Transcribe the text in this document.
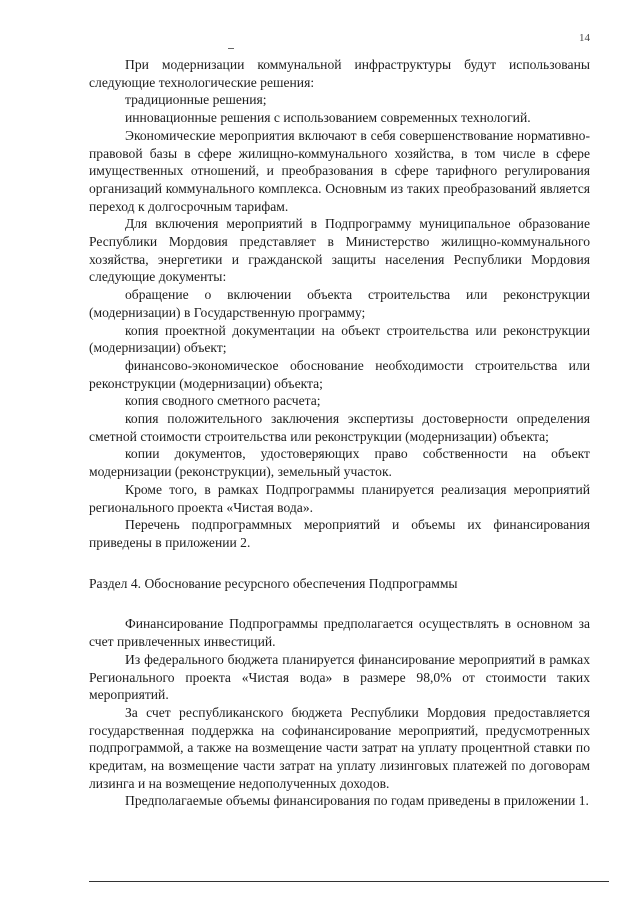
14

При модернизации коммунальной инфраструктуры будут использованы следующие технологические решения:

традиционные решения;

инновационные решения с использованием современных технологий.

Экономические мероприятия включают в себя совершенствование нормативно-правовой базы в сфере жилищно-коммунального хозяйства, в том числе в сфере имущественных отношений, и преобразования в сфере тарифного регулирования организаций коммунального комплекса. Основным из таких преобразований является переход к долгосрочным тарифам.

Для включения мероприятий в Подпрограмму муниципальное образование Республики Мордовия представляет в Министерство жилищно-коммунального хозяйства, энергетики и гражданской защиты населения Республики Мордовия следующие документы:

обращение о включении объекта строительства или реконструкции (модернизации) в Государственную программу;

копия проектной документации на объект строительства или реконструкции (модернизации) объект;

финансово-экономическое обоснование необходимости строительства или реконструкции (модернизации) объекта;

копия сводного сметного расчета;

копия положительного заключения экспертизы достоверности определения сметной стоимости строительства или реконструкции (модернизации) объекта;

копии документов, удостоверяющих право собственности на объект модернизации (реконструкции), земельный участок.

Кроме того, в рамках Подпрограммы планируется реализация мероприятий регионального проекта «Чистая вода».

Перечень подпрограммных мероприятий и объемы их финансирования приведены в приложении 2.

Раздел 4. Обоснование ресурсного обеспечения Подпрограммы

Финансирование Подпрограммы предполагается осуществлять в основном за счет привлеченных инвестиций.

Из федерального бюджета планируется финансирование мероприятий в рамках Регионального проекта «Чистая вода» в размере 98,0% от стоимости таких мероприятий.

За счет республиканского бюджета Республики Мордовия предоставляется государственная поддержка на софинансирование мероприятий, предусмотренных подпрограммой, а также на возмещение части затрат на уплату процентной ставки по кредитам, на возмещение части затрат на уплату лизинговых платежей по договорам лизинга и на возмещение недополученных доходов.

Предполагаемые объемы финансирования по годам приведены в приложении 1.
